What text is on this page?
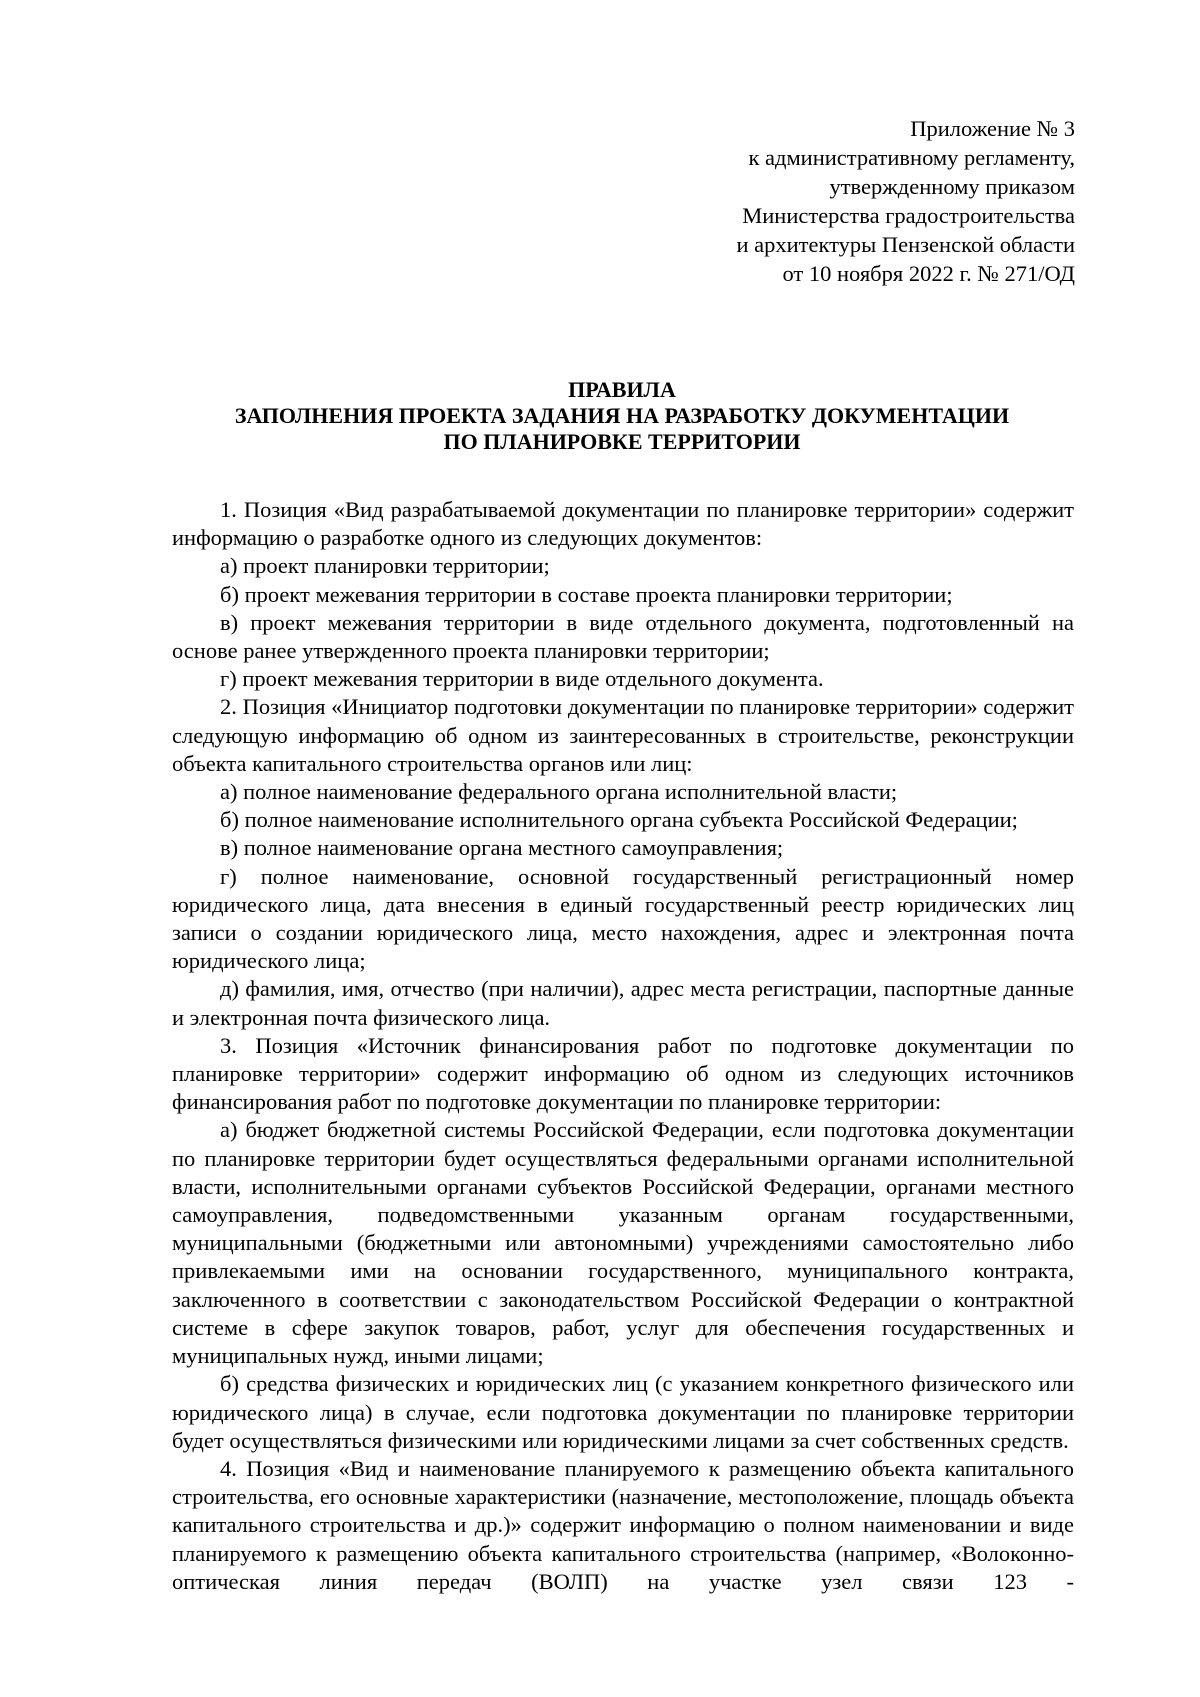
Приложение № 3
к административному регламенту,
утвержденному приказом
Министерства градостроительства
и архитектуры Пензенской области
от 10 ноября 2022 г. № 271/ОД
ПРАВИЛА
ЗАПОЛНЕНИЯ ПРОЕКТА ЗАДАНИЯ НА РАЗРАБОТКУ ДОКУМЕНТАЦИИ
ПО ПЛАНИРОВКЕ ТЕРРИТОРИИ

1. Позиция «Вид разрабатываемой документации по планировке территории» содержит информацию о разработке одного из следующих документов:

а) проект планировки территории;

б) проект межевания территории в составе проекта планировки территории;

в) проект межевания территории в виде отдельного документа, подготовленный на основе ранее утвержденного проекта планировки территории;

г) проект межевания территории в виде отдельного документа.

2. Позиция «Инициатор подготовки документации по планировке территории» содержит следующую информацию об одном из заинтересованных в строительстве, реконструкции объекта капитального строительства органов или лиц:

а) полное наименование федерального органа исполнительной власти;

б) полное наименование исполнительного органа субъекта Российской Федерации;

в) полное наименование органа местного самоуправления;

г) полное наименование, основной государственный регистрационный номер юридического лица, дата внесения в единый государственный реестр юридических лиц записи о создании юридического лица, место нахождения, адрес и электронная почта юридического лица;

д) фамилия, имя, отчество (при наличии), адрес места регистрации, паспортные данные и электронная почта физического лица.

3. Позиция «Источник финансирования работ по подготовке документации по планировке территории» содержит информацию об одном из следующих источников финансирования работ по подготовке документации по планировке территории:

а) бюджет бюджетной системы Российской Федерации, если подготовка документации по планировке территории будет осуществляться федеральными органами исполнительной власти, исполнительными органами субъектов Российской Федерации, органами местного самоуправления, подведомственными указанным органам государственными, муниципальными (бюджетными или автономными) учреждениями самостоятельно либо привлекаемыми ими на основании государственного, муниципального контракта, заключенного в соответствии с законодательством Российской Федерации о контрактной системе в сфере закупок товаров, работ, услуг для обеспечения государственных и муниципальных нужд, иными лицами;

б) средства физических и юридических лиц (с указанием конкретного физического или юридического лица) в случае, если подготовка документации по планировке территории будет осуществляться физическими или юридическими лицами за счет собственных средств.

4. Позиция «Вид и наименование планируемого к размещению объекта капитального строительства, его основные характеристики (назначение, местоположение, площадь объекта капитального строительства и др.)» содержит информацию о полном наименовании и виде планируемого к размещению объекта капитального строительства (например, «Волоконно-оптическая линия передач (ВОЛП) на участке узел связи 123 -
